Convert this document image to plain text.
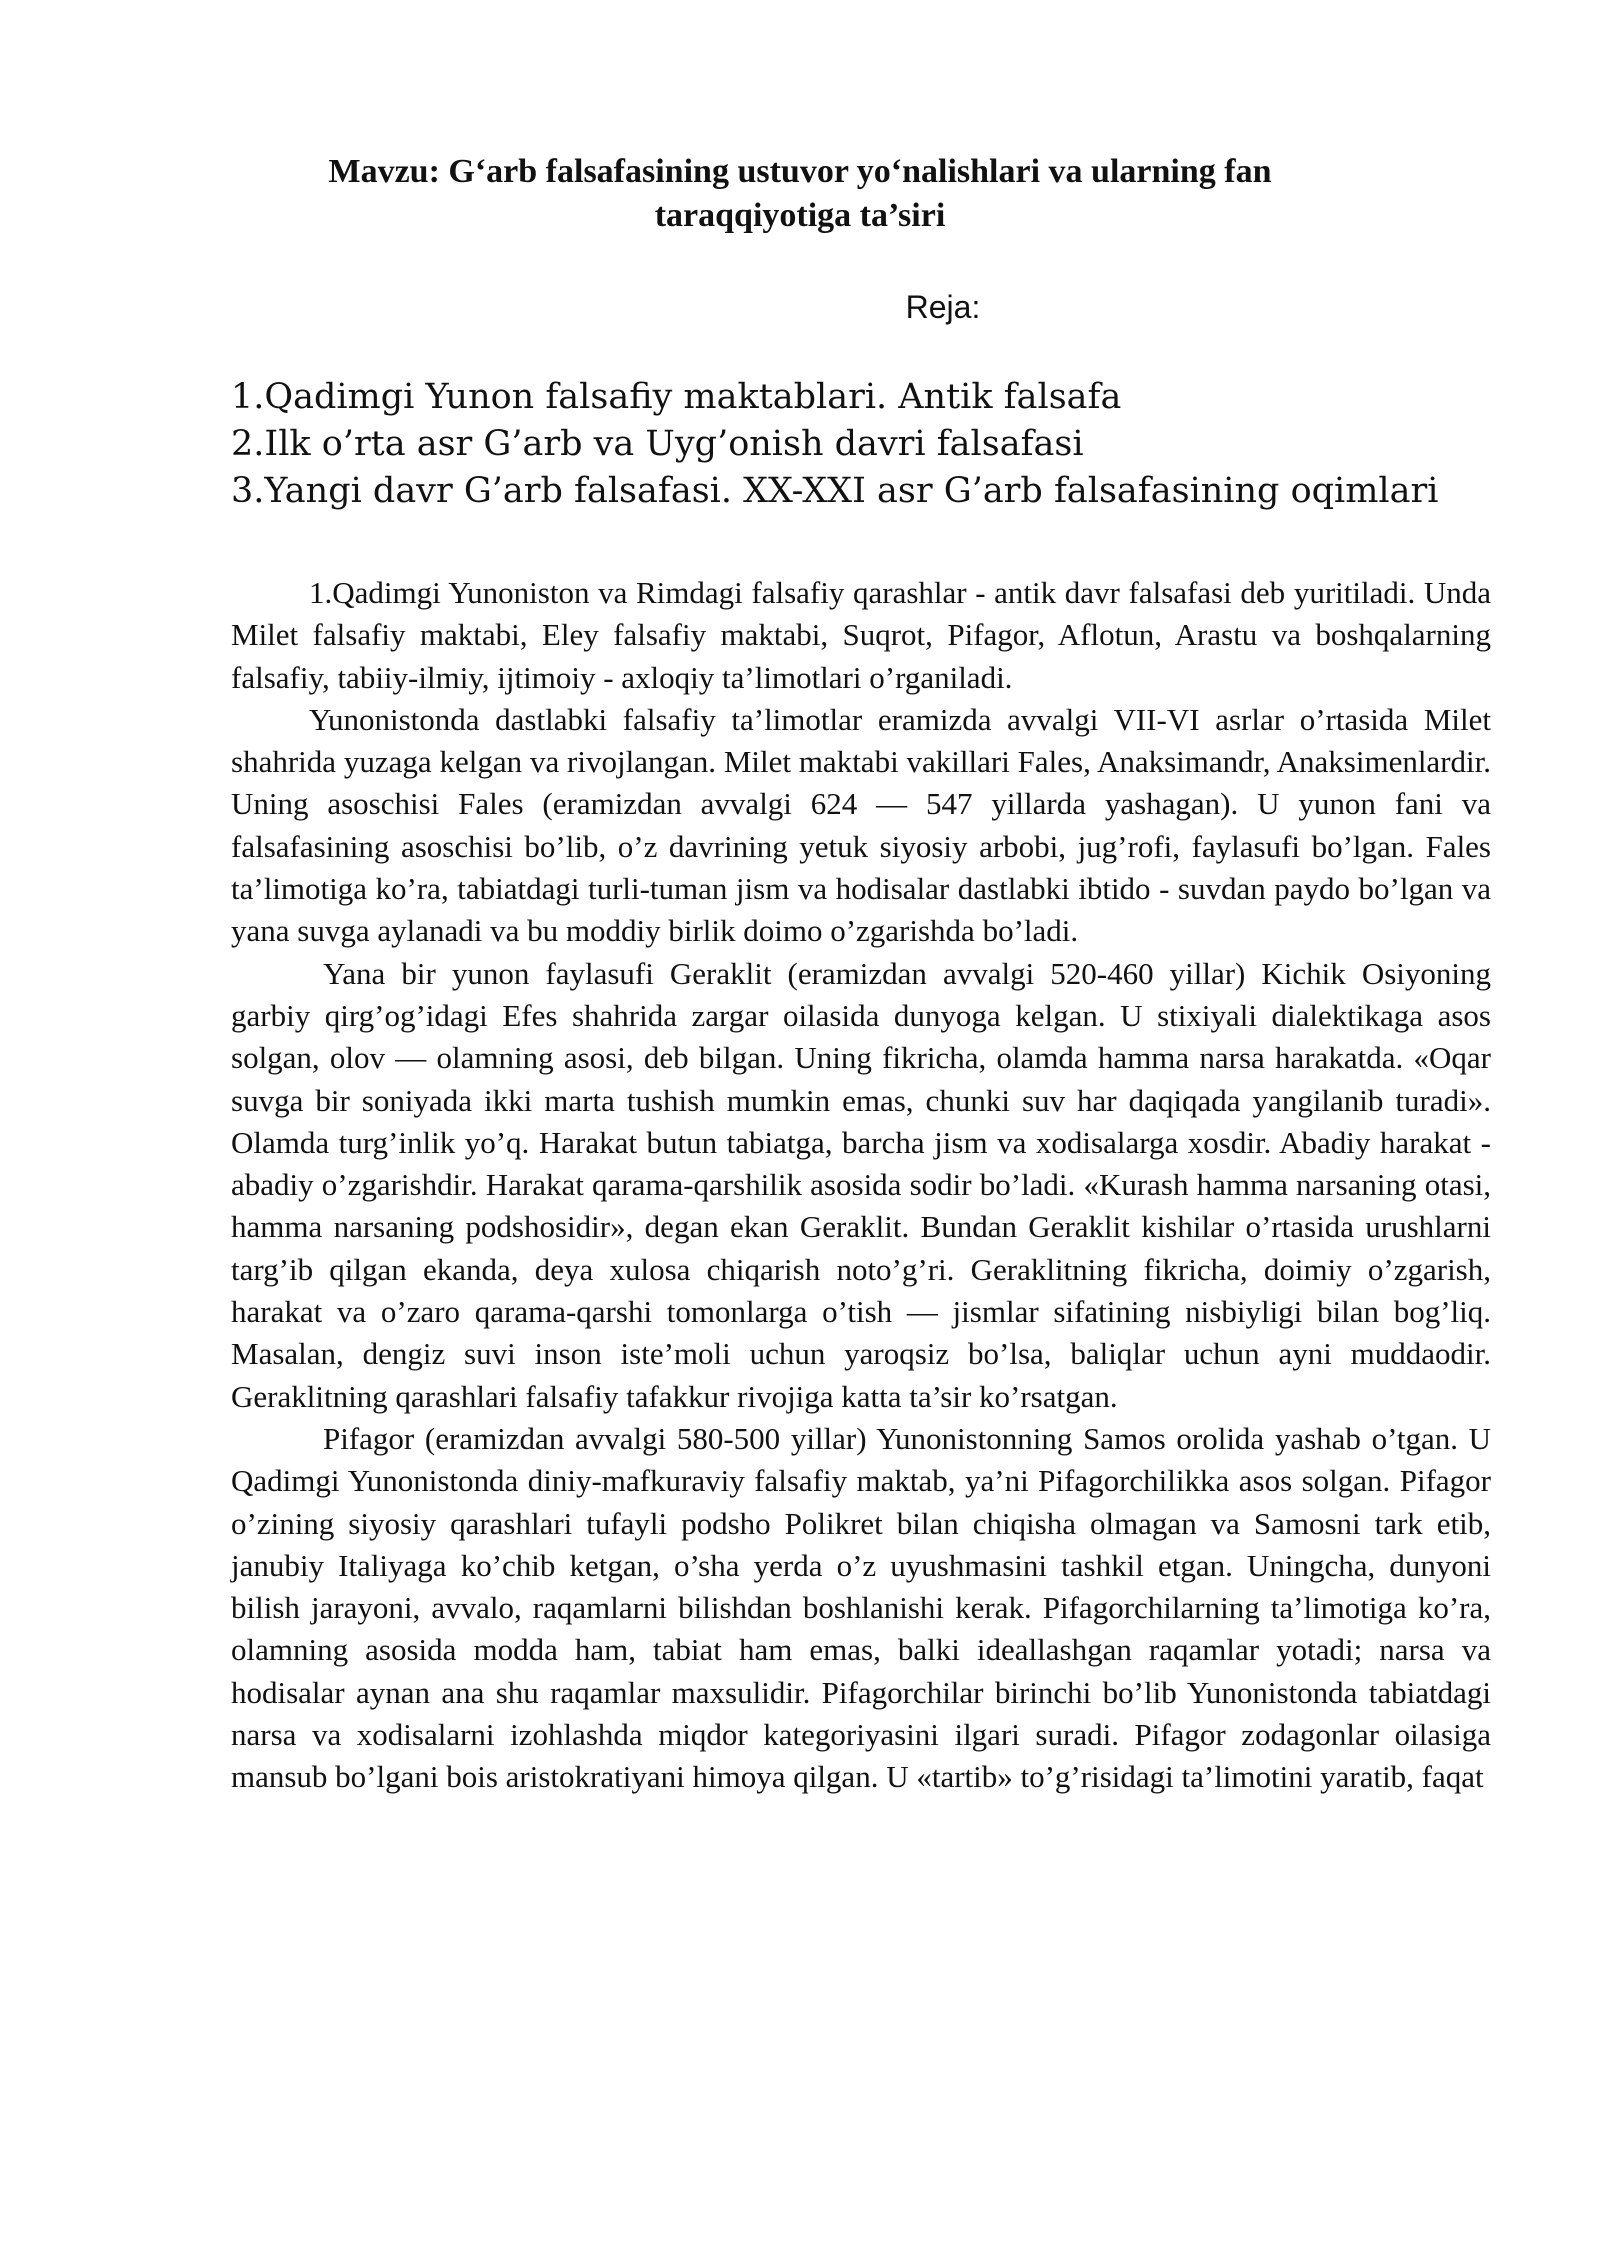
Mavzu: G‘arb falsafasining ustuvor yo‘nalishlari va ularning fan
taraqqiyotiga ta’siri
Reja:
1.Qadimgi Yunon falsafiy maktablari. Antik falsafa
2.Ilk o’rta asr G’arb va Uyg’onish davri falsafasi
3.Yangi davr G’arb falsafasi. XX-XXI asr G’arb falsafasining oqimlari

1.Qadimgi Yunoniston va Rimdagi falsafiy qarashlar - antik davr falsafasi deb yuritiladi. Unda Milet falsafiy maktabi, Eley falsafiy maktabi, Suqrot, Pifagor, Aflotun, Arastu va boshqalarning falsafiy, tabiiy-ilmiy, ijtimoiy - axloqiy ta’limotlari o’rganiladi.

Yunonistonda dastlabki falsafiy ta’limotlar eramizda avvalgi VII-VI asrlar o’rtasida Milet shahrida yuzaga kelgan va rivojlangan. Milet maktabi vakillari Fales, Anaksimandr, Anaksimenlardir. Uning asoschisi Fales (eramizdan avvalgi 624 — 547 yillarda yashagan). U yunon fani va falsafasining asoschisi bo’lib, o’z davrining yetuk siyosiy arbobi, jug’rofi, faylasufi bo’lgan. Fales ta’limotiga ko’ra, tabiatdagi turli-tuman jism va hodisalar dastlabki ibtido - suvdan paydo bo’lgan va yana suvga aylanadi va bu moddiy birlik doimo o’zgarishda bo’ladi.

Yana bir yunon faylasufi Geraklit (eramizdan avvalgi 520-460 yillar) Kichik Osiyoning garbiy qirg’og’idagi Efes shahrida zargar oilasida dunyoga kelgan. U stixiyali dialektikaga asos solgan, olov — olamning asosi, deb bilgan. Uning fikricha, olamda hamma narsa harakatda. «Oqar suvga bir soniyada ikki marta tushish mumkin emas, chunki suv har daqiqada yangilanib turadi». Olamda turg’inlik yo’q. Harakat butun tabiatga, barcha jism va xodisalarga xosdir. Abadiy harakat - abadiy o’zgarishdir. Harakat qarama-qarshilik asosida sodir bo’ladi. «Kurash hamma narsaning otasi, hamma narsaning podshosidir», degan ekan Geraklit. Bundan Geraklit kishilar o’rtasida urushlarni targ’ib qilgan ekanda, deya xulosa chiqarish noto’g’ri. Geraklitning fikricha, doimiy o’zgarish, harakat va o’zaro qarama-qarshi tomonlarga o’tish — jismlar sifatining nisbiyligi bilan bog’liq. Masalan, dengiz suvi inson iste’moli uchun yaroqsiz bo’lsa, baliqlar uchun ayni muddaodir. Geraklitning qarashlari falsafiy tafakkur rivojiga katta ta’sir ko’rsatgan.

Pifagor (eramizdan avvalgi 580-500 yillar) Yunonistonning Samos orolida yashab o’tgan. U Qadimgi Yunonistonda diniy-mafkuraviy falsafiy maktab, ya’ni Pifagorchilikka asos solgan. Pifagor o’zining siyosiy qarashlari tufayli podsho Polikret bilan chiqisha olmagan va Samosni tark etib, janubiy Italiyaga ko’chib ketgan, o’sha yerda o’z uyushmasini tashkil etgan. Uningcha, dunyoni bilish jarayoni, avvalo, raqamlarni bilishdan boshlanishi kerak. Pifagorchilarning ta’limotiga ko’ra, olamning asosida modda ham, tabiat ham emas, balki ideallashgan raqamlar yotadi; narsa va hodisalar aynan ana shu raqamlar maxsulidir. Pifagorchilar birinchi bo’lib Yunonistonda tabiatdagi narsa va xodisalarni izohlashda miqdor kategoriyasini ilgari suradi. Pifagor zodagonlar oilasiga mansub bo’lgani bois aristokratiyani himoya qilgan. U «tartib» to’g’risidagi ta’limotini yaratib, faqat
